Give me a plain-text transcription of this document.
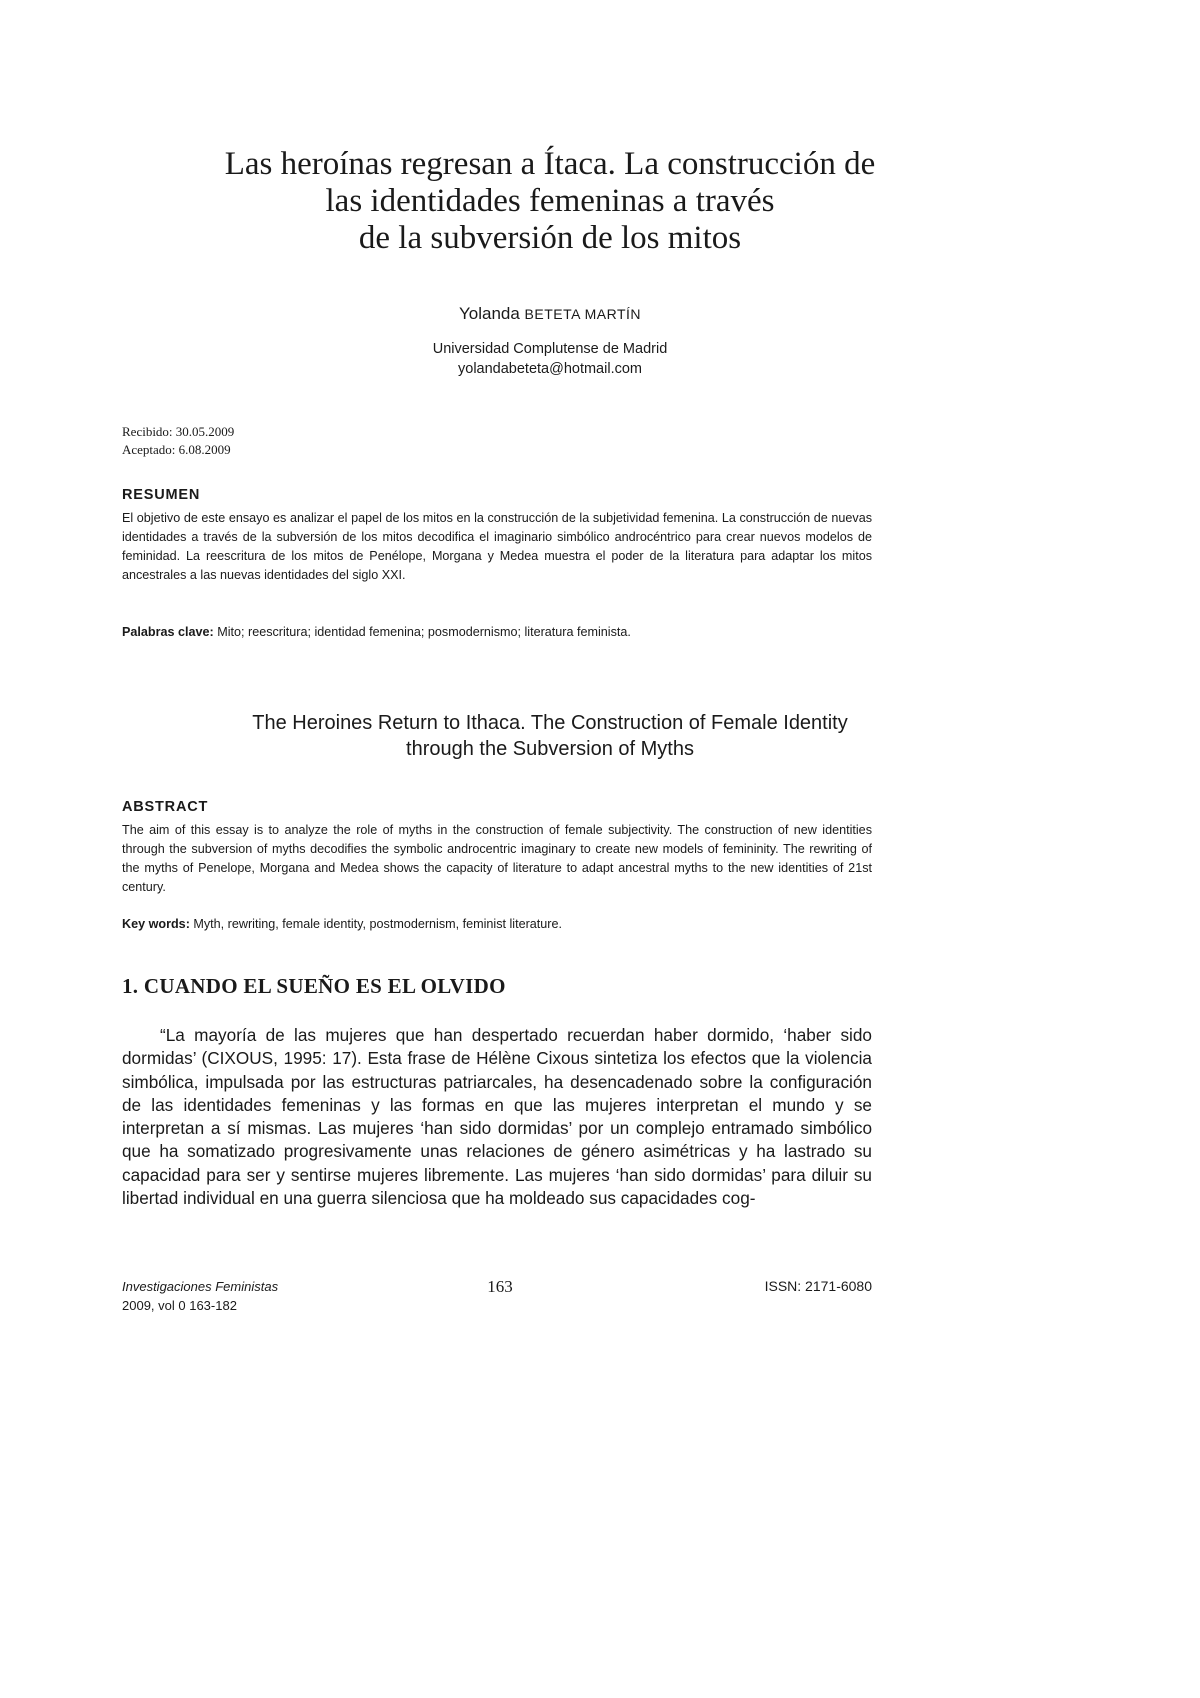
Las heroínas regresan a Ítaca. La construcción de
las identidades femeninas a través
de la subversión de los mitos
Yolanda BETETA MARTÍN
Universidad Complutense de Madrid
yolandabeteta@hotmail.com
Recibido: 30.05.2009
Aceptado: 6.08.2009
RESUMEN
El objetivo de este ensayo es analizar el papel de los mitos en la construcción de la subjetividad femenina. La construcción de nuevas identidades a través de la subversión de los mitos decodifica el imaginario simbólico androcéntrico para crear nuevos modelos de feminidad. La reescritura de los mitos de Penélope, Morgana y Medea muestra el poder de la literatura para adaptar los mitos ancestrales a las nuevas identidades del siglo XXI.
Palabras clave: Mito; reescritura; identidad femenina; posmodernismo; literatura feminista.
The Heroines Return to Ithaca. The Construction of Female Identity
through the Subversion of Myths
ABSTRACT
The aim of this essay is to analyze the role of myths in the construction of female subjectivity. The construction of new identities through the subversion of myths decodifies the symbolic androcentric imaginary to create new models of femininity. The rewriting of the myths of Penelope, Morgana and Medea shows the capacity of literature to adapt ancestral myths to the new identities of 21st century.
Key words: Myth, rewriting, female identity, postmodernism, feminist literature.
1. CUANDO EL SUEÑO ES EL OLVIDO

“La mayoría de las mujeres que han despertado recuerdan haber dormido, ‘haber sido dormidas’ (CIXOUS, 1995: 17). Esta frase de Hélène Cixous sintetiza los efectos que la violencia simbólica, impulsada por las estructuras patriarcales, ha desencadenado sobre la configuración de las identidades femeninas y las formas en que las mujeres interpretan el mundo y se interpretan a sí mismas. Las mujeres ‘han sido dormidas’ por un complejo entramado simbólico que ha somatizado progresivamente unas relaciones de género asimétricas y ha lastrado su capacidad para ser y sentirse mujeres libremente. Las mujeres ‘han sido dormidas’ para diluir su libertad individual en una guerra silenciosa que ha moldeado sus capacidades cog-

Investigaciones Feministas
2009, vol 0 163-182
163	ISSN: 2171-6080
